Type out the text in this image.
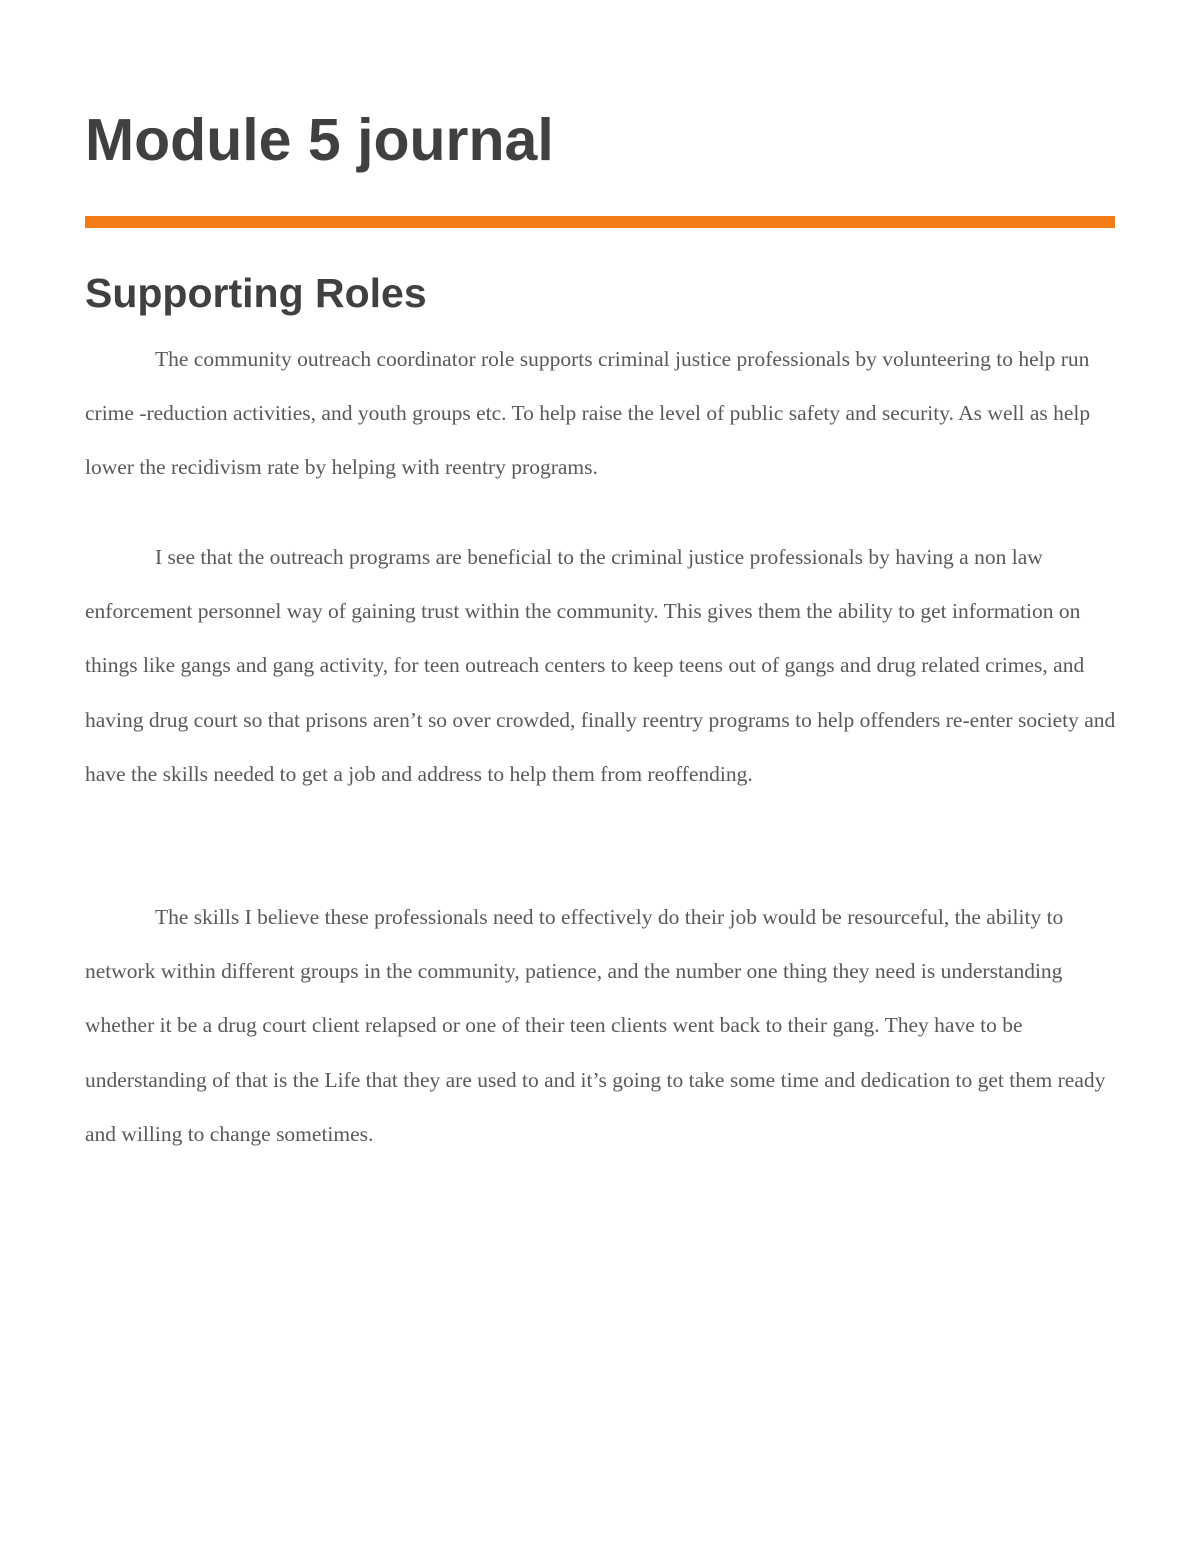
Module 5 journal
Supporting Roles

The community outreach coordinator role supports criminal justice professionals by volunteering to help run crime -reduction activities, and youth groups etc. To help raise the level of public safety and security. As well as help lower the recidivism rate by helping with reentry programs.

I see that the outreach programs are beneficial to the criminal justice professionals by having a non law enforcement personnel way of gaining trust within the community. This gives them the ability to get information on things like gangs and gang activity, for teen outreach centers to keep teens out of gangs and drug related crimes, and having drug court so that prisons aren’t so over crowded, finally reentry programs to help offenders re-enter society and have the skills needed to get a job and address to help them from reoffending.

The skills I believe these professionals need to effectively do their job would be resourceful, the ability to network within different groups in the community, patience, and the number one thing they need is understanding whether it be a drug court client relapsed or one of their teen clients went back to their gang. They have to be understanding of that is the Life that they are used to and it’s going to take some time and dedication to get them ready and willing to change sometimes.
